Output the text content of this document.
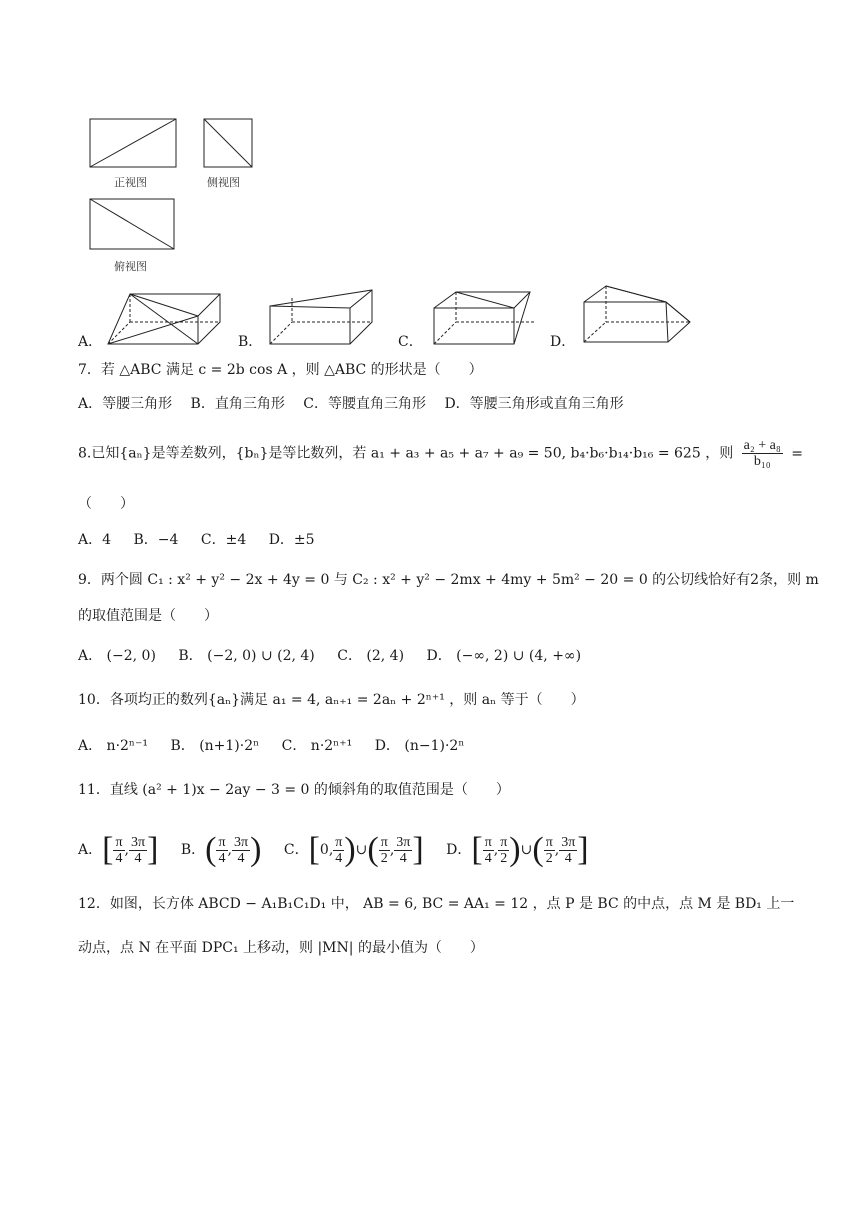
正视图	侧视图
俯视图
A．	B．	C．	D．
7．若 △ABC 满足 c = 2b cos A ，则 △ABC 的形状是（　　）
A．等腰三角形　 B．直角三角形　 C．等腰直角三角形　 D．等腰三角形或直角三角形
8.已知{aₙ}是等差数列，{bₙ}是等比数列，若 a₁ + a₃ + a₅ + a₇ + a₉ = 50, b₄·b₆·b₁₄·b₁₆ = 625 ，则 $\frac{\text{a₂ + a₈}}{\text{b₁₀}}$ =
（　　）
A．4 B．−4 C．±4 D．±5
9．两个圆 C₁ : x² + y² − 2x + 4y = 0 与 C₂ : x² + y² − 2mx + 4my + 5m² − 20 = 0 的公切线恰好有2条，则 m
的取值范围是（　　）
A． (−2, 0) B． (−2, 0) ∪ (2, 4) C． (2, 4) D． (−∞, 2) ∪ (4, +∞)
10．各项均正的数列{aₙ}满足 a₁ = 4, aₙ₊₁ = 2aₙ + 2ⁿ⁺¹ ，则 aₙ 等于（　　）
A． n·2ⁿ⁻¹ B． (n+1)·2ⁿ C． n·2ⁿ⁺¹ D． (n−1)·2ⁿ
11．直线 (a² + 1)x − 2ay − 3 = 0 的倾斜角的取值范围是（　　）
A．[ $\frac{\pi}{4}$ , $\frac{3\pi}{4}$ ] B．( $\frac{\pi}{4}$ , $\frac{3\pi}{4}$ ) C．[0, $\frac{\pi}{4}$ )∪( $\frac{\pi}{2}$ , $\frac{3\pi}{4}$ ] D．[ $\frac{\pi}{4}$ , $\frac{\pi}{2}$ )∪( $\frac{\pi}{2}$ , $\frac{3\pi}{4}$ ]
12．如图，长方体 ABCD − A₁B₁C₁D₁ 中， AB = 6, BC = AA₁ = 12 ，点 P 是 BC 的中点，点 M 是 BD₁ 上一
动点，点 N 在平面 DPC₁ 上移动，则 |MN| 的最小值为（　　）
